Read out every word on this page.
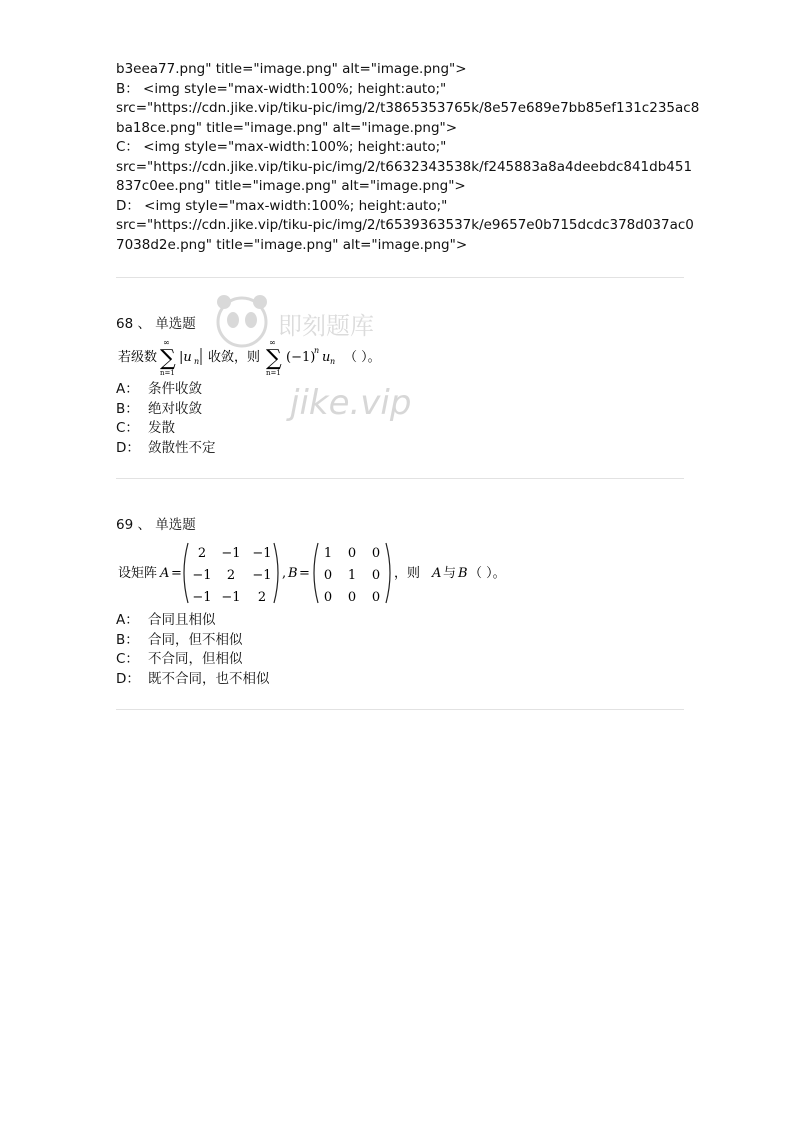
b3eea77.png" title="image.png" alt="image.png">
B： <img style="max-width:100%; height:auto;"
src="https://cdn.jike.vip/tiku-pic/img/2/t3865353765k/8e57e689e7bb85ef131c235ac8
ba18ce.png" title="image.png" alt="image.png">
C： <img style="max-width:100%; height:auto;"
src="https://cdn.jike.vip/tiku-pic/img/2/t6632343538k/f245883a8a4deebdc841db451
837c0ee.png" title="image.png" alt="image.png">
D： <img style="max-width:100%; height:auto;"
src="https://cdn.jike.vip/tiku-pic/img/2/t6539363537k/e9657e0b715dcdc378d037ac0
7038d2e.png" title="image.png" alt="image.png">
68 、 单选题
若级数
∞
∑
n=1
|u n 收敛，则
∞
∑
n=1
(−1)
n u n （ ）。
A： 条件收敛
B： 绝对收敛
C： 发散
D： 敛散性不定
69 、 单选题
设矩阵 A =
2 −1 −1
−1 2 −1
−1 −1 2
, B =
1 0 0
0 1 0
0 0 0
，则 A 与 B （ ）。
A： 合同且相似
B： 合同，但不相似
C： 不合同，但相似
D： 既不合同，也不相似
即刻题库
jike.vip
